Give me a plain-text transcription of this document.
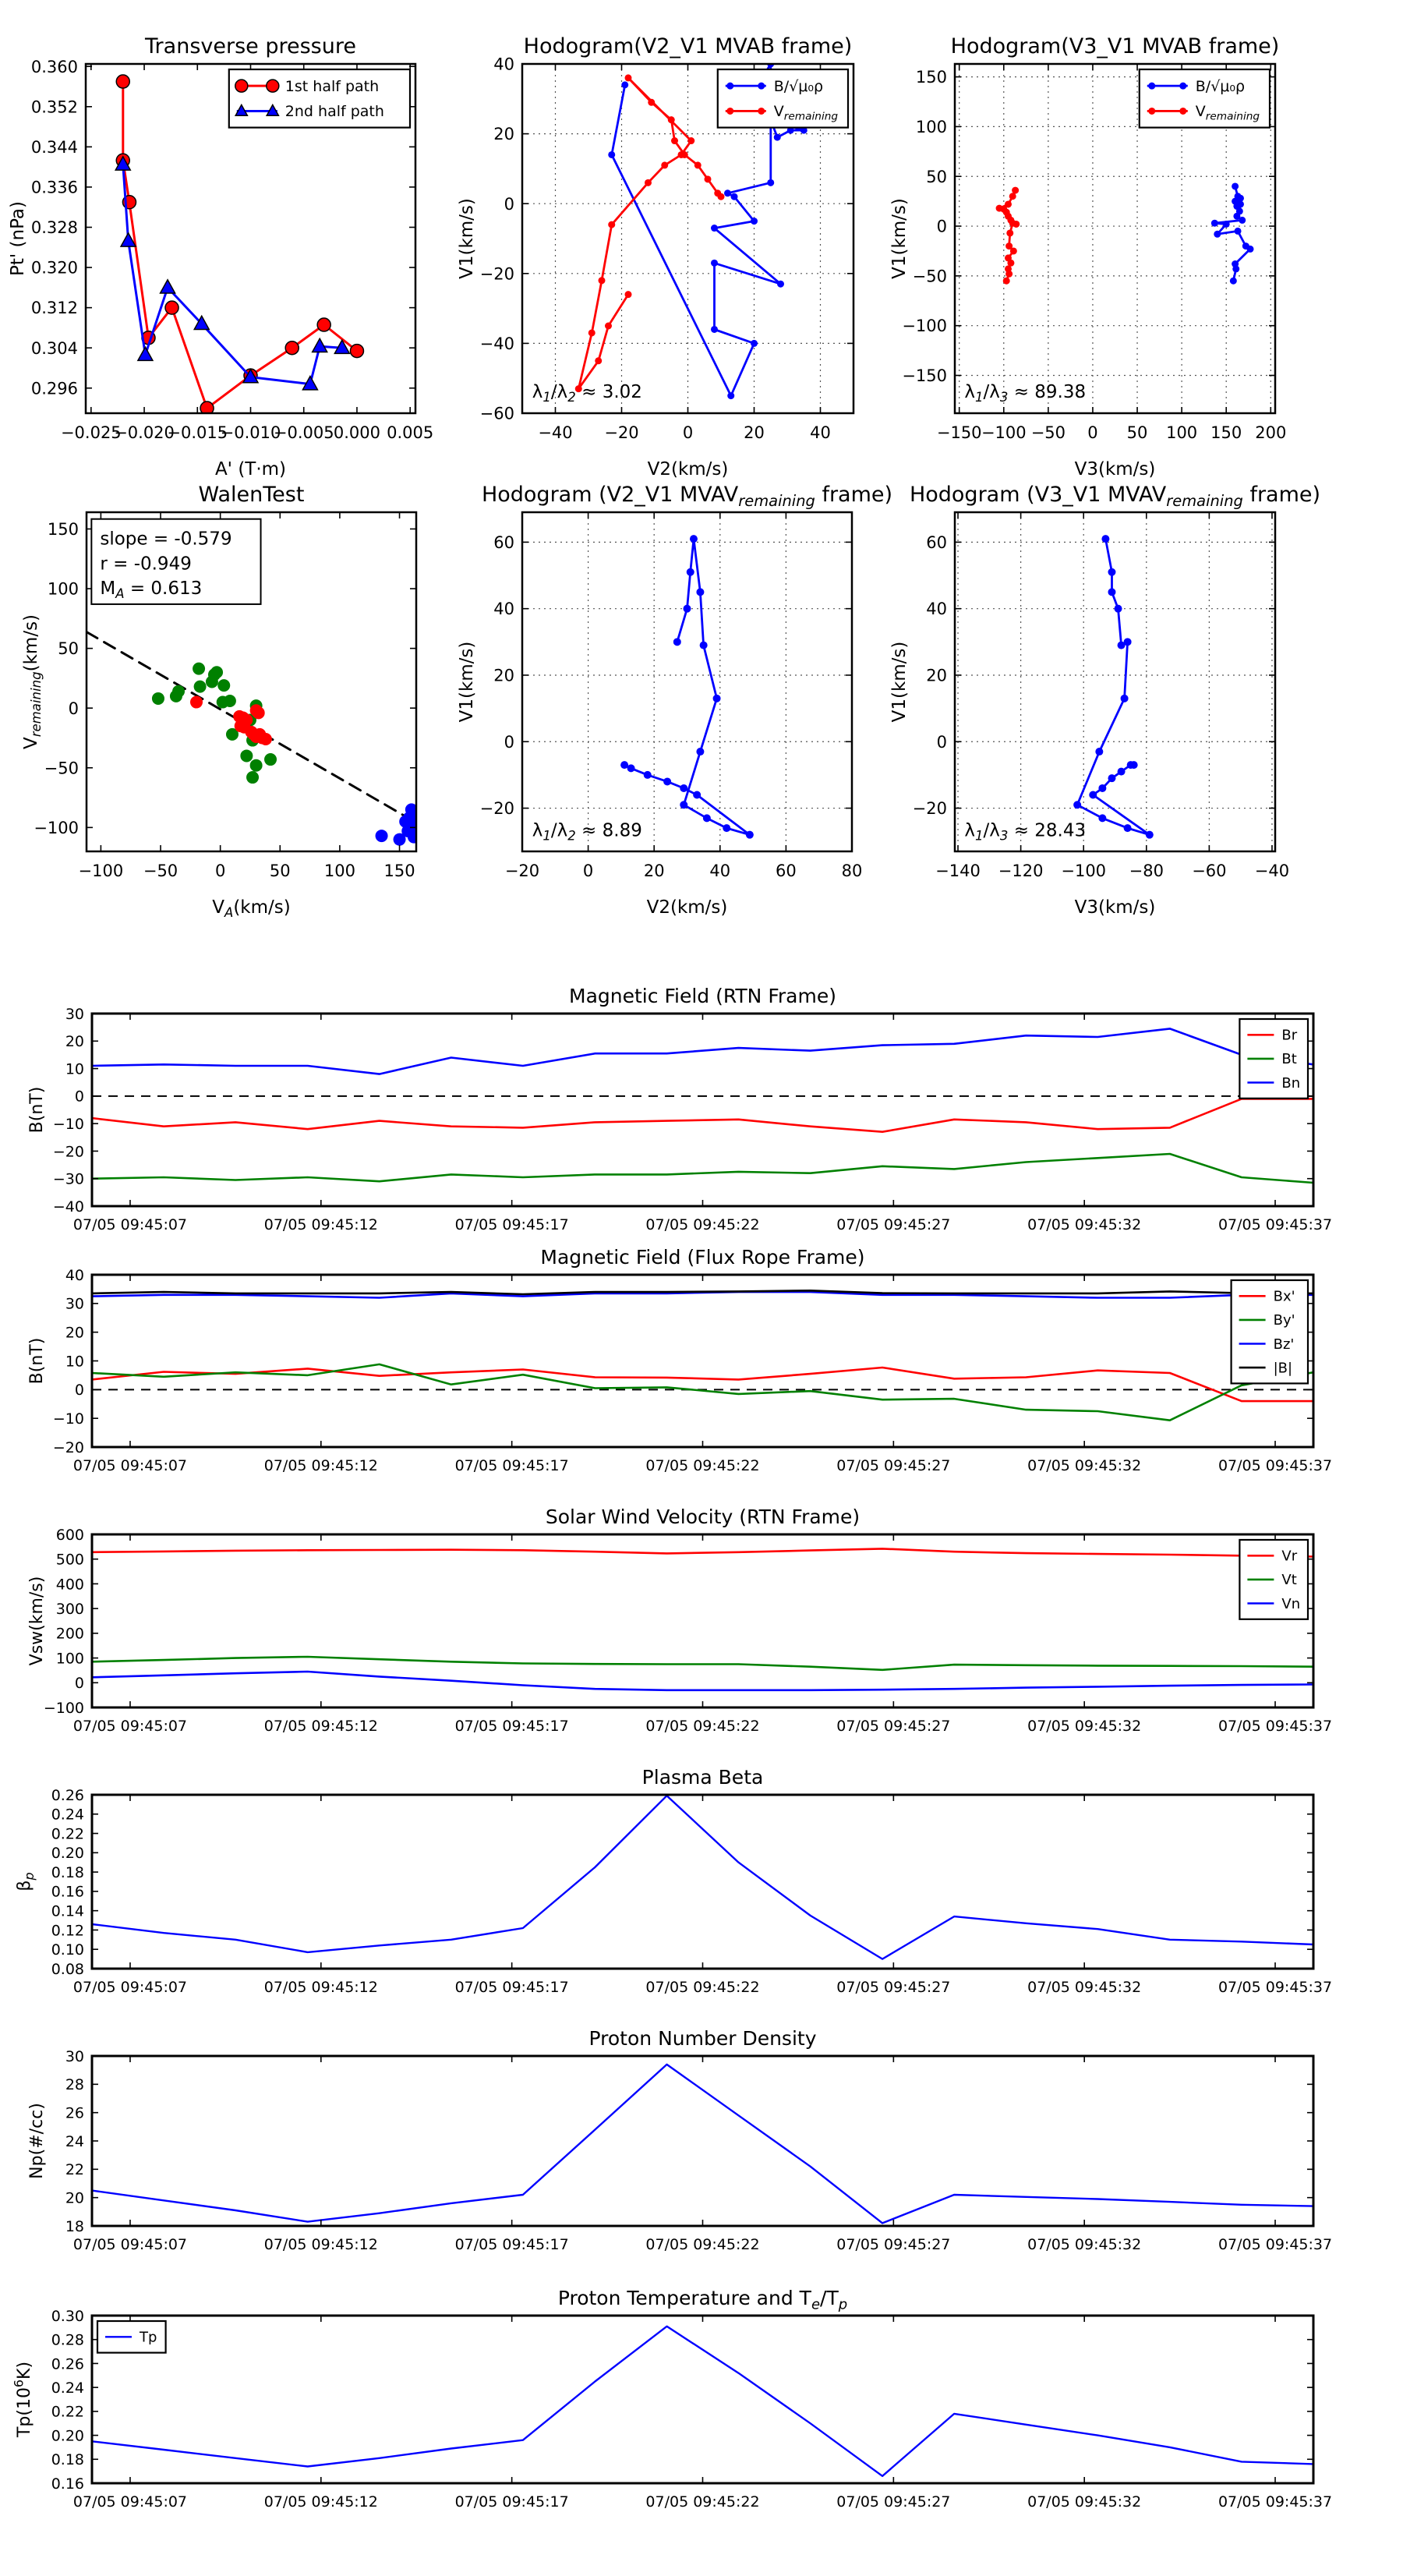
−0.025
−0.020
−0.015
−0.010
−0.005 0.000 0.005
0.296
0.304
0.312
0.320
0.328
0.336
0.344
0.352
0.360
Transverse pressure
A' (T·m)
Pt' (nPa)
1st half path
2nd half path
−40 −20	0	20	40
−60
−40
−20
0
20
40
Hodogram(V2_V1 MVAB frame)
V2(km/s)
V1(km/s)
B/√μ₀ρ
$V_{remaining}$
$\lambda_1/\lambda_2 \approx 3.02$
−150 −100 −50 0 50 100 150 200
−150
−100
−50
0
50
100
150
Hodogram(V3_V1 MVAB frame)
V3(km/s)
V1(km/s)
B/√μ₀ρ
$V_{remaining}$
$\lambda_1/\lambda_3 \approx 89.38$
−100 −50 0	50 100 150
−100
−50
0
50
100
150
WalenTest
$V_A(km/s)$
$V_{remaining}(km/s)$
slope = -0.579
r = -0.949
$M_A = 0.613$
−20	0	20	40	60	80
−20
0
20
40
60
Hodogram (V2_V1 $MVAV_{remaining}$ frame)
V2(km/s)
V1(km/s)
$\lambda_1/\lambda_2 \approx 8.89$
−140 −120 −100 −80 −60 −40
−20
0
20
40
60
Hodogram (V3_V1 $MVAV_{remaining}$ frame)
V3(km/s)
V1(km/s)
$\lambda_1/\lambda_3 \approx 28.43$
07/05 09:45:07	07/05 09:45:12	07/05 09:45:17	07/05 09:45:22	07/05 09:45:27	07/05 09:45:32	07/05 09:45:37
−40
−30
−20
−10
0
10
20
30
Magnetic Field (RTN Frame)
B(nT)
Br
Bt
Bn
07/05 09:45:07	07/05 09:45:12	07/05 09:45:17	07/05 09:45:22	07/05 09:45:27	07/05 09:45:32	07/05 09:45:37
−20
−10
0
10
20
30
40
Magnetic Field (Flux Rope Frame)
B(nT)
Bx'
By'
Bz'
|B|
07/05 09:45:07	07/05 09:45:12	07/05 09:45:17	07/05 09:45:22	07/05 09:45:27	07/05 09:45:32	07/05 09:45:37
−100
0
100
200
300
400
500
600
Solar Wind Velocity (RTN Frame)
Vsw(km/s)
Vr
Vt
Vn
07/05 09:45:07	07/05 09:45:12	07/05 09:45:17	07/05 09:45:22	07/05 09:45:27	07/05 09:45:32	07/05 09:45:37
0.08
0.10
0.12
0.14
0.16
0.18
0.20
0.22
0.24
0.26
Plasma Beta
$\beta_p$
07/05 09:45:07	07/05 09:45:12	07/05 09:45:17	07/05 09:45:22	07/05 09:45:27	07/05 09:45:32	07/05 09:45:37
18
20
22
24
26
28
30
Proton Number Density
Np(#/cc)
07/05 09:45:07	07/05 09:45:12	07/05 09:45:17	07/05 09:45:22	07/05 09:45:27	07/05 09:45:32	07/05 09:45:37
0.16
0.18
0.20
0.22
0.24
0.26
0.28
0.30
Proton Temperature and $T_e/T_p$
$Tp(10^6K)$
Tp
